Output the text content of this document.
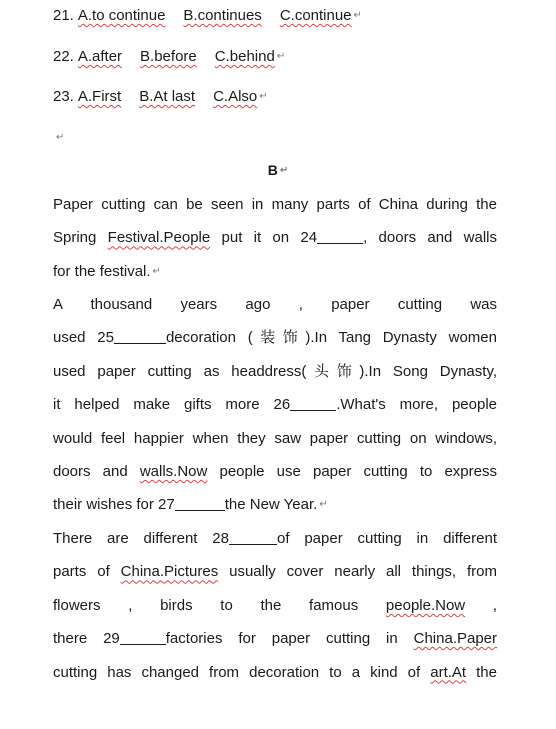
21. A.to continue B.continues C.continue ↵
22. A.after B.before C.behind ↵
23. A.First B.At last C.Also ↵
↵
B ↵
Paper cutting can be seen in many parts of China during the
Spring Festival.People put it on 24	, doors and walls
for the festival. ↵
A thousand years ago , paper cutting was
used 25	decoration (装饰).In Tang Dynasty women
used paper cutting as headdress(头饰).In Song Dynasty,
it helped make gifts more 26	.What's more, people
would feel happier when they saw paper cutting on windows,
doors and walls.Now people use paper cutting to express
their wishes for 27	the New Year. ↵
There are different 28	of paper cutting in different
parts of China.Pictures usually cover nearly all things, from
flowers , birds to the famous people.Now ,
there 29	factories for paper cutting in China.Paper
cutting has changed from decoration to a kind of art.At the
